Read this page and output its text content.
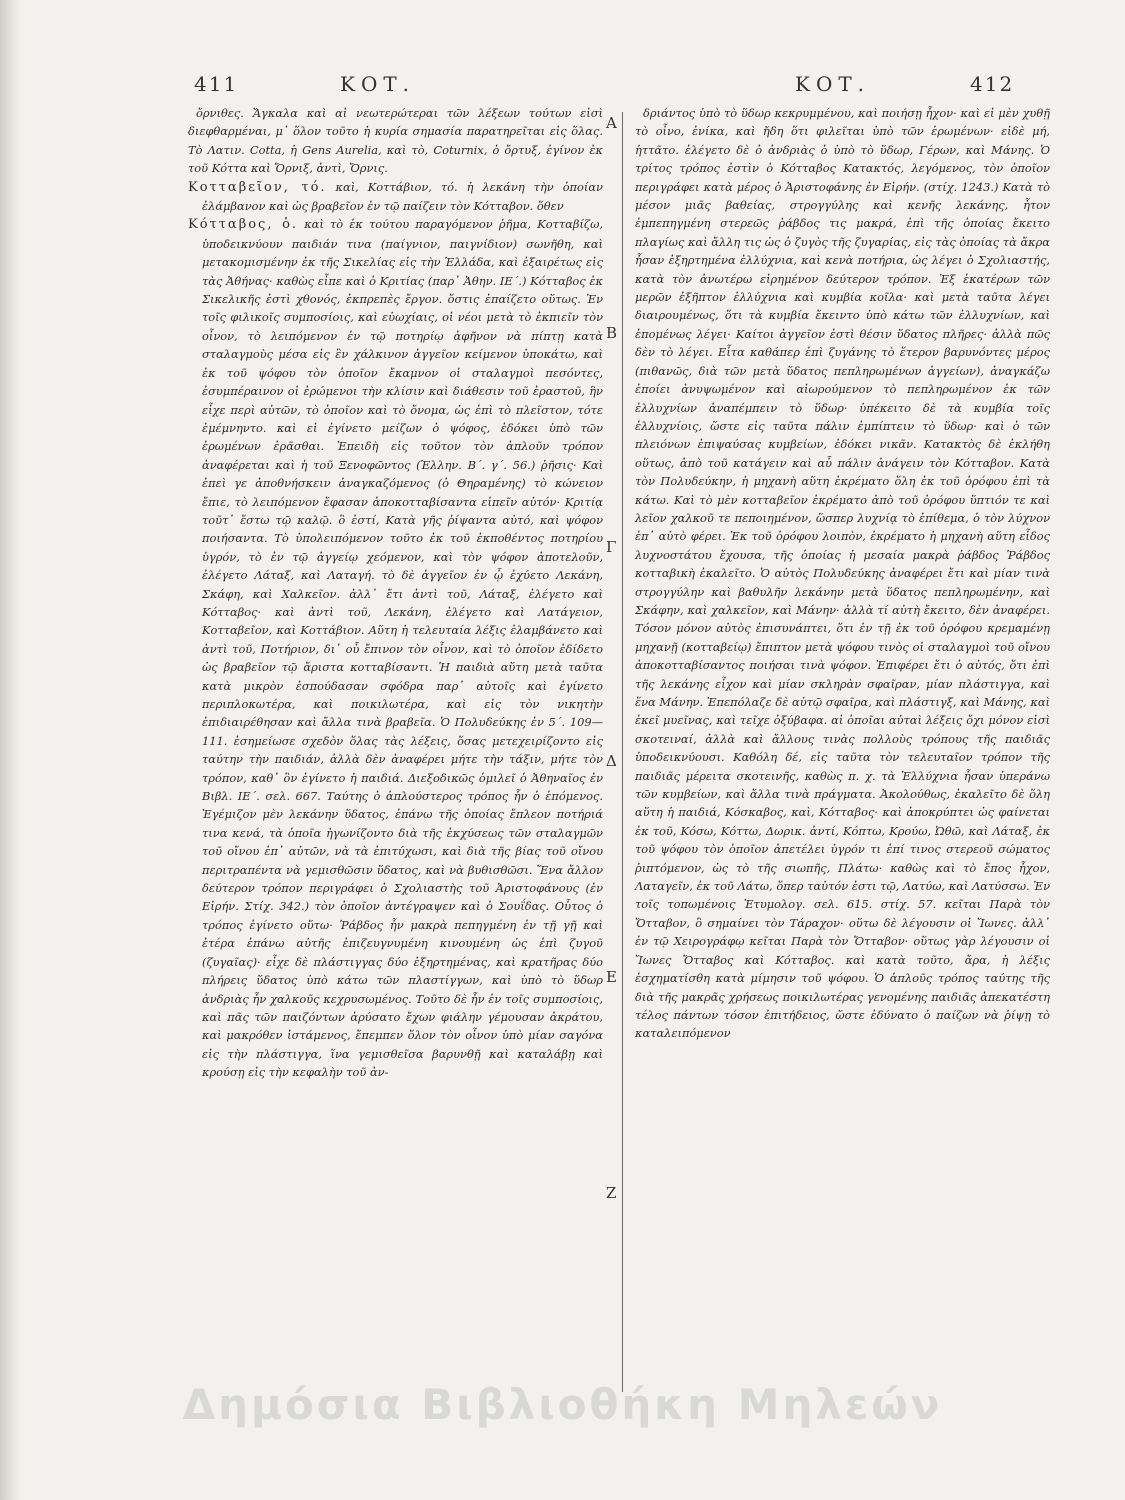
411	ΚΟΤ.	ΚΟΤ.	412

ὄρνιθες. Ἄγκαλα καὶ αἱ νεωτερώτεραι τῶν λέξεων τούτων εἰσὶ διεφθαρμέναι, μ᾽ ὅλον τοῦτο ἡ κυρία σημασία παρατηρεῖται εἰς ὅλας. Τὸ Λατιν. Cotta, ἡ Gens Aurelia, καὶ τὸ, Coturnix, ὁ ὄρτυξ, ἐγίνον ἐκ τοῦ Κόττα καὶ Ὄρνιξ, ἀντὶ, Ὄρνις.

Κοτταβεῖον, τό. καὶ, Κοττάβιον, τό. ἡ λεκάνη τὴν ὁποίαν ἐλάμβανον καὶ ὡς βραβεῖον ἐν τῷ παίζειν τὸν Κότταβον. ὅθεν

Κότταβος, ὁ. καὶ τὸ ἐκ τούτου παραγόμενον ῥῆμα, Κοτταβίζω, ὑποδεικνύουν παιδιάν τινα (παίγνιον, παιγνίδιον) σωνῆθη, καὶ μετακομισμένην ἐκ τῆς Σικελίας εἰς τὴν Ἑλλάδα, καὶ ἐξαιρέτως εἰς τὰς Ἀθήνας· καθὼς εἶπε καὶ ὁ Κριτίας (παρ᾽ Ἀθην. ΙΕ΄.) Κότταβος ἐκ Σικελικῆς ἐστὶ χθονός, ἐκπρεπὲς ἔργον. ὅστις ἐπαίζετο οὕτως. Ἐν τοῖς φιλικοῖς συμποσίοις, καὶ εὐωχίαις, οἱ νέοι μετὰ τὸ ἐκπιεῖν τὸν οἶνον, τὸ λειπόμενον ἐν τῷ ποτηρίῳ ἀφῆνον νὰ πίπτῃ κατὰ σταλαγμοὺς μέσα εἰς ἓν χάλκινον ἀγγεῖον κείμενον ὑποκάτω, καὶ ἐκ τοῦ ψόφου τὸν ὁποῖον ἔκαμνον οἱ σταλαγμοὶ πεσόντες, ἐσυμπέραινον οἱ ἐρώμενοι τὴν κλίσιν καὶ διάθεσιν τοῦ ἐραστοῦ, ἣν εἶχε περὶ αὐτῶν, τὸ ὁποῖον καὶ τὸ ὄνομα, ὡς ἐπὶ τὸ πλεῖστον, τότε ἐμέμνηντο. καὶ εἰ ἐγίνετο μείζων ὁ ψόφος, ἐδόκει ὑπὸ τῶν ἐρωμένων ἐρᾶσθαι. Ἐπειδὴ εἰς τοῦτον τὸν ἀπλοῦν τρόπον ἀναφέρεται καὶ ἡ τοῦ Ξενοφῶντος (Ἑλλην. Β΄. γ΄. 56.) ῥῆσις· Καὶ ἐπεὶ γε ἀποθνήσκειν ἀναγκαζόμενος (ὁ Θηραμένης) τὸ κώνειον ἔπιε, τὸ λειπόμενον ἔφασαν ἀποκοτταβίσαντα εἰπεῖν αὐτόν· Κριτίᾳ τοῦτ᾽ ἔστω τῷ καλῷ. ὃ ἐστί, Κατὰ γῆς ῥίψαντα αὐτό, καὶ ψόφον ποιήσαντα. Τὸ ὑπολειπόμενον τοῦτο ἐκ τοῦ ἐκποθέντος ποτηρίου ὑγρόν, τὸ ἐν τῷ ἀγγείῳ χεόμενον, καὶ τὸν ψόφον ἀποτελοῦν, ἐλέγετο Λάταξ, καὶ Λαταγή. τὸ δὲ ἀγγεῖον ἐν ᾧ ἐχύετο Λεκάνη, Σκάφη, καὶ Χαλκεῖον. ἀλλ᾽ ἔτι ἀντὶ τοῦ, Λάταξ, ἐλέγετο καὶ Κότταβος· καὶ ἀντὶ τοῦ, Λεκάνη, ἐλέγετο καὶ Λατάγειον, Κοτταβεῖον, καὶ Κοττάβιον. Αὕτη ἡ τελευταία λέξις ἐλαμβάνετο καὶ ἀντὶ τοῦ, Ποτήριον, δι᾽ οὗ ἔπινον τὸν οἶνον, καὶ τὸ ὁποῖον ἐδίδετο ὡς βραβεῖον τῷ ἄριστα κοτταβίσαντι. Ἡ παιδιὰ αὕτη μετὰ ταῦτα κατὰ μικρὸν ἐσπούδασαν σφόδρα παρ᾽ αὐτοῖς καὶ ἐγίνετο περιπλοκωτέρα, καὶ ποικιλωτέρα, καὶ εἰς τὸν νικητὴν ἐπιδιαιρέθησαν καὶ ἄλλα τινὰ βραβεῖα. Ὁ Πολυδεύκης ἐν 5΄. 109—111. ἐσημείωσε σχεδὸν ὅλας τὰς λέξεις, ὅσας μετεχειρίζοντο εἰς ταύτην τὴν παιδιάν, ἀλλὰ δὲν ἀναφέρει μήτε τὴν τάξιν, μήτε τὸν τρόπον, καθ᾽ ὃν ἐγίνετο ἡ παιδιά. Διεξοδικῶς ὁμιλεῖ ὁ Ἀθηναῖος ἐν Βιβλ. ΙΕ΄. σελ. 667. Ταύτης ὁ ἁπλούστερος τρόπος ἦν ὁ ἑπόμενος. Ἐγέμιζον μὲν λεκάνην ὕδατος, ἐπάνω τῆς ὁποίας ἔπλεον ποτήριά τινα κενά, τὰ ὁποῖα ἠγωνίζοντο διὰ τῆς ἐκχύσεως τῶν σταλαγμῶν τοῦ οἴνου ἐπ᾽ αὐτῶν, νὰ τὰ ἐπιτύχωσι, καὶ διὰ τῆς βίας τοῦ οἴνου περιτραπέντα νὰ γεμισθῶσιν ὕδατος, καὶ νὰ βυθισθῶσι. Ἕνα ἄλλον δεύτερον τρόπον περιγράφει ὁ Σχολιαστὴς τοῦ Ἀριστοφάνους (ἐν Εἰρήν. Στίχ. 342.) τὸν ὁποῖον ἀντέγραψεν καὶ ὁ Σουΐδας. Οὗτος ὁ τρόπος ἐγίνετο οὕτω· Ῥάβδος ἦν μακρὰ πεπηγμένη ἐν τῇ γῇ καὶ ἑτέρα ἐπάνω αὐτῆς ἐπιζευγνυμένη κινουμένη ὡς ἐπὶ ζυγοῦ (ζυγαῖας)· εἶχε δὲ πλάστιγγας δύο ἐξηρτημένας, καὶ κρατῆρας δύο πλήρεις ὕδατος ὑπὸ κάτω τῶν πλαστίγγων, καὶ ὑπὸ τὸ ὕδωρ ἀνδριὰς ἦν χαλκοῦς κεχρυσωμένος. Τοῦτο δὲ ἦν ἐν τοῖς συμποσίοις, καὶ πᾶς τῶν παιζόντων ἀρύσατο ἔχων φιάλην γέμουσαν ἀκράτου, καὶ μακρόθεν ἱστάμενος, ἔπεμπεν ὅλον τὸν οἶνον ὑπὸ μίαν σαγόνα εἰς τὴν πλάστιγγα, ἵνα γεμισθεῖσα βαρυνθῇ καὶ καταλάβῃ καὶ κρούσῃ εἰς τὴν κεφαλὴν τοῦ ἀν-

A
B
Γ
Δ
E
Z

δριάντος ὑπὸ τὸ ὕδωρ κεκρυμμένου, καὶ ποιήσῃ ἦχον· καὶ εἰ μὲν χυθῇ τὸ οἶνο, ἐνίκα, καὶ ἤδη ὅτι φιλεῖται ὑπὸ τῶν ἐρωμένων· εἰδὲ μή, ἡττᾶτο. ἐλέγετο δὲ ὁ ἀνδριὰς ὁ ὑπὸ τὸ ὕδωρ, Γέρων, καὶ Μάνης. Ὁ τρίτος τρόπος ἐστὶν ὁ Κότταβος Κατακτός, λεγόμενος, τὸν ὁποῖον περιγράφει κατὰ μέρος ὁ Ἀριστοφάνης ἐν Εἰρήν. (στίχ. 1243.) Κατὰ τὸ μέσον μιᾶς βαθείας, στρογγύλης καὶ κενῆς λεκάνης, ἦτον ἐμπεπηγμένη στερεῶς ῥάβδος τις μακρά, ἐπὶ τῆς ὁποίας ἔκειτο πλαγίως καὶ ἄλλη τις ὡς ὁ ζυγὸς τῆς ζυγαρίας, εἰς τὰς ὁποίας τὰ ἄκρα ἦσαν ἐξηρτημένα ἐλλύχνια, καὶ κενὰ ποτήρια, ὡς λέγει ὁ Σχολιαστής, κατὰ τὸν ἀνωτέρω εἰρημένον δεύτερον τρόπον. Ἐξ ἑκατέρων τῶν μερῶν ἐξῆπτον ἐλλύχνια καὶ κυμβία κοῖλα· καὶ μετὰ ταῦτα λέγει διαιρουμένως, ὅτι τὰ κυμβία ἔκειντο ὑπὸ κάτω τῶν ἐλλυχνίων, καὶ ἑπομένως λέγει· Καίτοι ἀγγεῖον ἐστὶ θέσιν ὕδατος πλῆρες· ἀλλὰ πῶς δὲν τὸ λέγει. Εἶτα καθάπερ ἐπὶ ζυγάνης τὸ ἕτερον βαρυνόντες μέρος (πιθανῶς, διὰ τῶν μετὰ ὕδατος πεπληρωμένων ἀγγείων), ἀναγκάζω ἐποίει ἀνυψωμένον καὶ αἰωρούμενον τὸ πεπληρωμένον ἐκ τῶν ἐλλυχνίων ἀναπέμπειν τὸ ὕδωρ· ὑπέκειτο δὲ τὰ κυμβία τοῖς ἐλλυχνίοις, ὥστε εἰς ταῦτα πάλιν ἐμπίπτειν τὸ ὕδωρ· καὶ ὁ τῶν πλειόνων ἐπιψαύσας κυμβείων, ἐδόκει νικᾶν. Κατακτὸς δὲ ἐκλήθη οὕτως, ἀπὸ τοῦ κατάγειν καὶ αὖ πάλιν ἀνάγειν τὸν Κότταβον. Κατὰ τὸν Πολυδεύκην, ἡ μηχανὴ αὕτη ἐκρέματο ὅλη ἐκ τοῦ ὀρόφου ἐπὶ τὰ κάτω. Καὶ τὸ μὲν κοτταβεῖον ἐκρέματο ἀπὸ τοῦ ὀρόφου ὕπτιόν τε καὶ λεῖον χαλκοῦ τε πεποιημένον, ὥσπερ λυχνίᾳ τὸ ἐπίθεμα, ὁ τὸν λύχνον ἐπ᾽ αὐτὸ φέρει. Ἐκ τοῦ ὀρόφου λοιπὸν, ἐκρέματο ἡ μηχανὴ αὕτη εἶδος λυχνοστάτου ἔχουσα, τῆς ὁποίας ἡ μεσαία μακρὰ ῥάβδος Ῥάβδος κοτταβικὴ ἐκαλεῖτο. Ὁ αὐτὸς Πολυδεύκης ἀναφέρει ἔτι καὶ μίαν τινὰ στρογγύλην καὶ βαθυλῆν λεκάνην μετὰ ὕδατος πεπληρωμένην, καὶ Σκάφην, καὶ χαλκεῖον, καὶ Μάνην· ἀλλὰ τί αὐτὴ ἔκειτο, δὲν ἀναφέρει. Τόσον μόνον αὐτὸς ἐπισυνάπτει, ὅτι ἐν τῇ ἐκ τοῦ ὀρόφου κρεμαμένῃ μηχανῇ (κοτταβείῳ) ἔπιπτον μετὰ ψόφου τινὸς οἱ σταλαγμοὶ τοῦ οἴνου ἀποκοτταβίσαντος ποιήσαι τινὰ ψόφον. Ἐπιφέρει ἔτι ὁ αὐτός, ὅτι ἐπὶ τῆς λεκάνης εἶχον καὶ μίαν σκληρὰν σφαῖραν, μίαν πλάστιγγα, καὶ ἕνα Μάνην. Ἐπεπόλαζε δὲ αὐτῷ σφαῖρα, καὶ πλάστιγξ, καὶ Μάνης, καὶ ἐκεῖ μυεῖνας, καὶ τεῖχε ὀξύβαφα. αἱ ὁποῖαι αὐταὶ λέξεις ὄχι μόνον εἰσὶ σκοτειναί, ἀλλὰ καὶ ἄλλους τινὰς πολλοὺς τρόπους τῆς παιδιᾶς ὑποδεικνύουσι. Καθόλη δέ, εἰς ταῦτα τὸν τελευταῖον τρόπον τῆς παιδιᾶς μέρειτα σκοτεινῆς, καθὼς π. χ. τὰ Ἐλλύχνια ἦσαν ὑπεράνω τῶν κυμβείων, καὶ ἄλλα τινὰ πράγματα. Ἀκολούθως, ἐκαλεῖτο δὲ ὅλη αὕτη ἡ παιδιά, Κόσκαβος, καὶ, Κότταβος· καὶ ἀποκρύπτει ὡς φαίνεται ἐκ τοῦ, Κόσω, Κόττω, Δωρικ. ἀντί, Κόπτω, Κρούω, Ὠθῶ, καὶ Λάταξ, ἐκ τοῦ ψόφου τὸν ὁποῖον ἀπετέλει ὑγρόν τι ἐπί τινος στερεοῦ σώματος ῥιπτόμενον, ὡς τὸ τῆς σιωπῆς, Πλάτω· καθὼς καὶ τὸ ἔπος ἦχον, Λαταγεῖν, ἐκ τοῦ Λάτω, ὅπερ ταὐτόν ἐστι τῷ, Λατύω, καὶ Λατύσσω. Ἐν τοῖς τοπωμένοις Ἐτυμολογ. σελ. 615. στίχ. 57. κεῖται Παρὰ τὸν Ὄτταβον, ὃ σημαίνει τὸν Τάραχον· οὕτω δὲ λέγουσιν οἱ Ἴωνες. ἀλλ᾽ ἐν τῷ Χειρογράφῳ κεῖται Παρὰ τὸν Ὄτταβον· οὕτως γὰρ λέγουσιν οἱ Ἴωνες Ὄτταβος καὶ Κότταβος. καὶ κατὰ τοῦτο, ἄρα, ἡ λέξις ἐσχηματίσθη κατὰ μίμησιν τοῦ ψόφου. Ὁ ἁπλοῦς τρόπος ταύτης τῆς διὰ τῆς μακρᾶς χρήσεως ποικιλωτέρας γενομένης παιδιᾶς ἀπεκατέστη τέλος πάντων τόσον ἐπιτήδειος, ὥστε ἐδύνατο ὁ παίζων νὰ ῥίψῃ τὸ καταλειπόμενον

Δημόσια Βιβλιοθήκη Μηλεών
